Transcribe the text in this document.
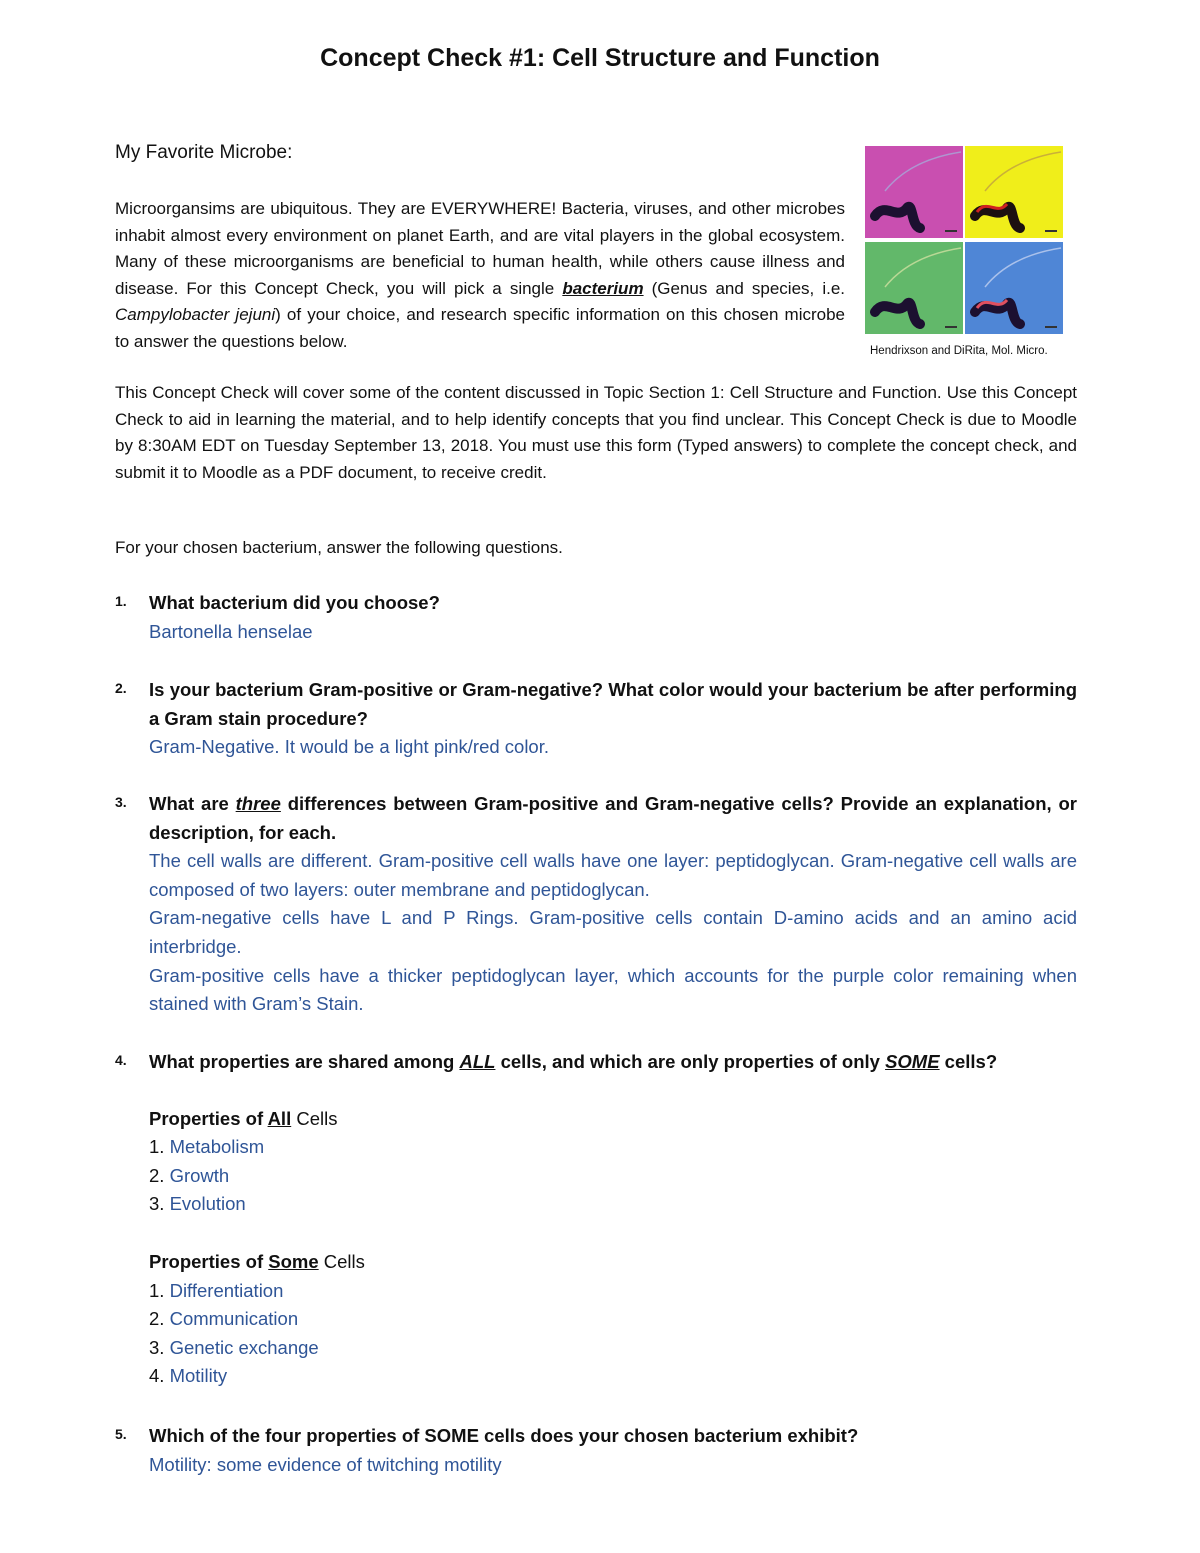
Concept Check #1: Cell Structure and Function
My Favorite Microbe:

Microorgansims are ubiquitous. They are EVERYWHERE! Bacteria, viruses, and other microbes inhabit almost every environment on planet Earth, and are vital players in the global ecosystem. Many of these microorganisms are beneficial to human health, while others cause illness and disease. For this Concept Check, you will pick a single bacterium (Genus and species, i.e. Campylobacter jejuni) of your choice, and research specific information on this chosen microbe to answer the questions below.

Hendrixson and DiRita, Mol. Micro.

This Concept Check will cover some of the content discussed in Topic Section 1: Cell Structure and Function. Use this Concept Check to aid in learning the material, and to help identify concepts that you find unclear. This Concept Check is due to Moodle by 8:30AM EDT on Tuesday September 13, 2018. You must use this form (Typed answers) to complete the concept check, and submit it to Moodle as a PDF document, to receive credit.

For your chosen bacterium, answer the following questions.
1. What bacterium did you choose?
Bartonella henselae
2. Is your bacterium Gram-positive or Gram-negative? What color would your bacterium be after performing a Gram stain procedure?
Gram-Negative. It would be a light pink/red color.
3. What are three differences between Gram-positive and Gram-negative cells? Provide an explanation, or description, for each.
The cell walls are different. Gram-positive cell walls have one layer: peptidoglycan. Gram-negative cell walls are composed of two layers: outer membrane and peptidoglycan.
Gram-negative cells have L and P Rings. Gram-positive cells contain D-amino acids and an amino acid interbridge.
Gram-positive cells have a thicker peptidoglycan layer, which accounts for the purple color remaining when stained with Gram’s Stain.
4. What properties are shared among ALL cells, and which are only properties of only SOME cells?
Properties of All Cells
1. Metabolism
2. Growth
3. Evolution
Properties of Some Cells
1. Differentiation
2. Communication
3. Genetic exchange
4. Motility
5. Which of the four properties of SOME cells does your chosen bacterium exhibit?
Motility: some evidence of twitching motility
